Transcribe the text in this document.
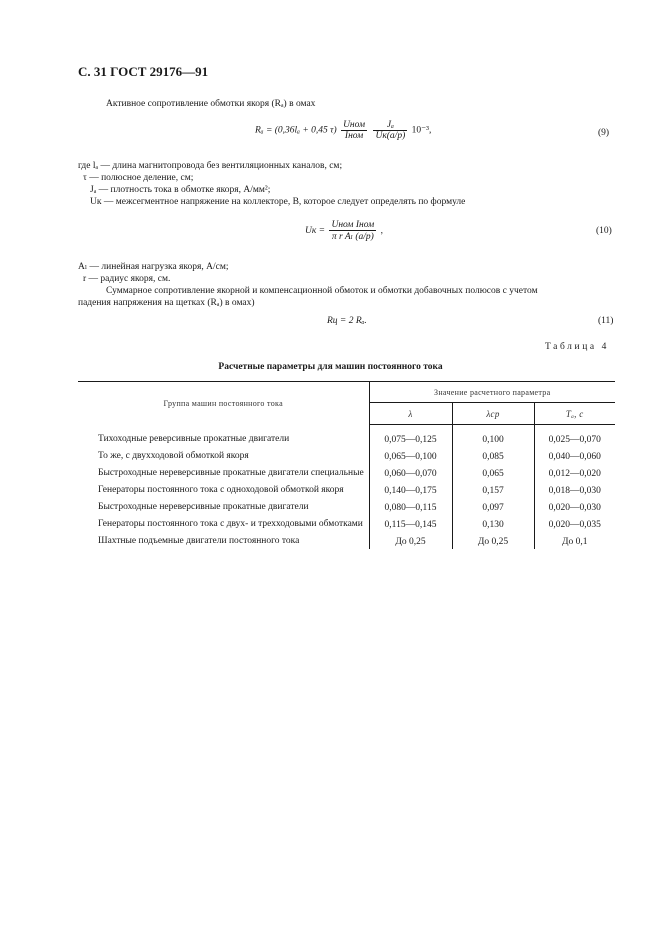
С. 31 ГОСТ 29176—91
Активное сопротивление обмотки якоря (Rₐ) в омах
Rₐ = (0,36lₐ + 0,45 $\tau) \frac{\text{Uном}}{\text{Iном}}$
$\frac{\text{Jₐ}}{Uк(a/p)} 10^{-3}$,	(9)
где lₐ — длина магнитопровода без вентиляционных каналов, см;
τ — полюсное деление, см;
Jₐ — плотность тока в обмотке якоря, А/мм²;
Uк — межсегментное напряжение на коллекторе, В, которое следует определять по формуле
Uк = $\frac{\text{Uном Iном}}{\text{π r Aₗ (a/p)}}$ ,	(10)
Aₗ — линейная нагрузка якоря, А/см;
r — радиус якоря, см.
Суммарное сопротивление якорной и компенсационной обмоток и обмотки добавочных полюсов с учетом
падения напряжения на щетках (Rₐ) в омах)
Rц = 2 Rₐ.	(11)
Таблица 4
Расчетные параметры для машин постоянного тока
Группа машин постоянного тока	Значение расчетного параметра		
	λ	λср	Tₐ, с
Тихоходные реверсивные прокатные двигатели	0,075—0,125	0,100	0,025—0,070
То же, с двухходовой обмоткой якоря	0,065—0,100	0,085	0,040—0,060
Быстроходные нереверсивные прокатные двигатели специальные	0,060—0,070	0,065	0,012—0,020
Генераторы постоянного тока с одноходовой обмоткой якоря	0,140—0,175	0,157	0,018—0,030
Быстроходные нереверсивные прокатные двигатели	0,080—0,115	0,097	0,020—0,030
Генераторы постоянного тока с двух- и трехходовыми обмотками	0,115—0,145	0,130	0,020—0,035
Шахтные подъемные двигатели постоянного тока	До 0,25	До 0,25	До 0,1
